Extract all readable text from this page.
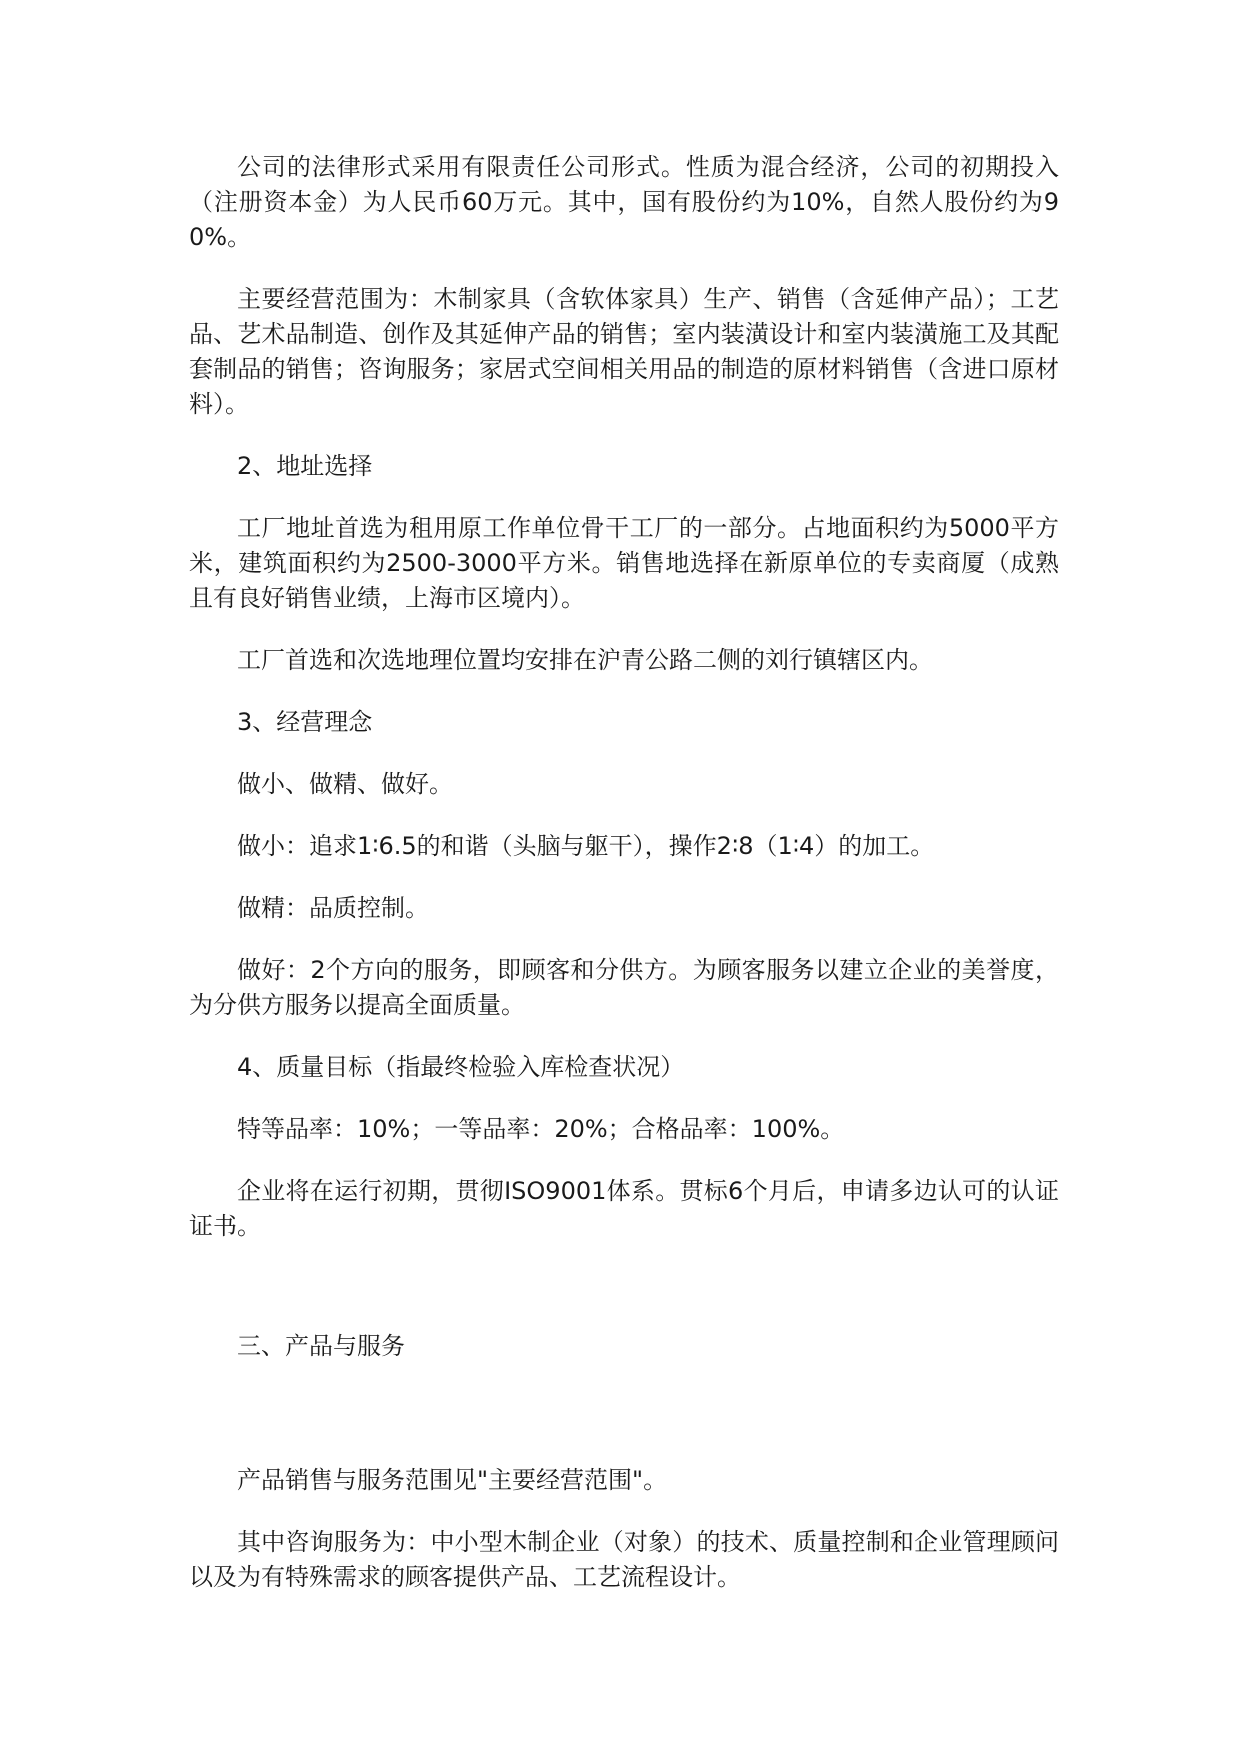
公司的法律形式采用有限责任公司形式。性质为混合经济，公司的初期投入（注册资本金）为人民币60万元。其中，国有股份约为10%，自然人股份约为90%。

主要经营范围为：木制家具（含软体家具）生产、销售（含延伸产品）；工艺品、艺术品制造、创作及其延伸产品的销售；室内装潢设计和室内装潢施工及其配套制品的销售；咨询服务；家居式空间相关用品的制造的原材料销售（含进口原材料）。

2、地址选择

工厂地址首选为租用原工作单位骨干工厂的一部分。占地面积约为5000平方米，建筑面积约为2500-3000平方米。销售地选择在新原单位的专卖商厦（成熟且有良好销售业绩，上海市区境内）。

工厂首选和次选地理位置均安排在沪青公路二侧的刘行镇辖区内。

3、经营理念

做小、做精、做好。

做小：追求1∶6.5的和谐（头脑与躯干），操作2∶8（1∶4）的加工。

做精：品质控制。

做好：2个方向的服务，即顾客和分供方。为顾客服务以建立企业的美誉度，为分供方服务以提高全面质量。

4、质量目标（指最终检验入库检查状况）

特等品率：10%；一等品率：20%；合格品率：100%。

企业将在运行初期，贯彻ISO9001体系。贯标6个月后，申请多边认可的认证证书。

三、产品与服务

产品销售与服务范围见"主要经营范围"。

其中咨询服务为：中小型木制企业（对象）的技术、质量控制和企业管理顾问以及为有特殊需求的顾客提供产品、工艺流程设计。
